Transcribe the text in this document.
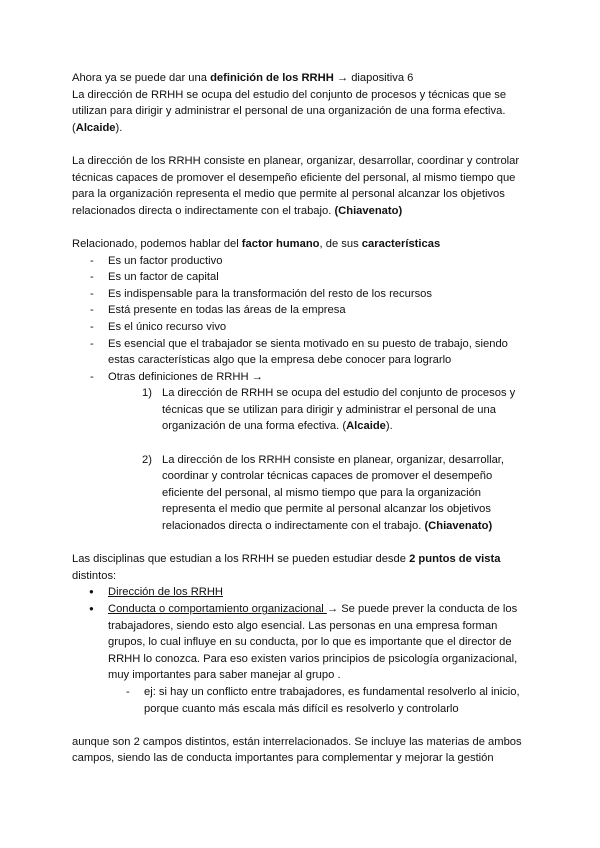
Ahora ya se puede dar una definición de los RRHH → diapositiva 6
La dirección de RRHH se ocupa del estudio del conjunto de procesos y técnicas que se utilizan para dirigir y administrar el personal de una organización de una forma efectiva. (Alcaide).

La dirección de los RRHH consiste en planear, organizar, desarrollar, coordinar y controlar técnicas capaces de promover el desempeño eficiente del personal, al mismo tiempo que para la organización representa el medio que permite al personal alcanzar los objetivos relacionados directa o indirectamente con el trabajo. (Chiavenato)

Relacionado, podemos hablar del factor humano, de sus características

- Es un factor productivo
- Es un factor de capital
- Es indispensable para la transformación del resto de los recursos
- Está presente en todas las áreas de la empresa
- Es el único recurso vivo
- Es esencial que el trabajador se sienta motivado en su puesto de trabajo, siendo estas características algo que la empresa debe conocer para lograrlo
- Otras definiciones de RRHH →
1) La dirección de RRHH se ocupa del estudio del conjunto de procesos y técnicas que se utilizan para dirigir y administrar el personal de una organización de una forma efectiva. (Alcaide).
2) La dirección de los RRHH consiste en planear, organizar, desarrollar, coordinar y controlar técnicas capaces de promover el desempeño eficiente del personal, al mismo tiempo que para la organización representa el medio que permite al personal alcanzar los objetivos relacionados directa o indirectamente con el trabajo. (Chiavenato)

Las disciplinas que estudian a los RRHH se pueden estudiar desde 2 puntos de vista distintos:

● Dirección de los RRHH
● Conducta o comportamiento organizacional → Se puede prever la conducta de los trabajadores, siendo esto algo esencial. Las personas en una empresa forman grupos, lo cual influye en su conducta, por lo que es importante que el director de RRHH lo conozca. Para eso existen varios principios de psicología organizacional, muy importantes para saber manejar al grupo .
- ej: si hay un conflicto entre trabajadores, es fundamental resolverlo al inicio, porque cuanto más escala más difícil es resolverlo y controlarlo

aunque son 2 campos distintos, están interrelacionados. Se incluye las materias de ambos campos, siendo las de conducta importantes para complementar y mejorar la gestión
